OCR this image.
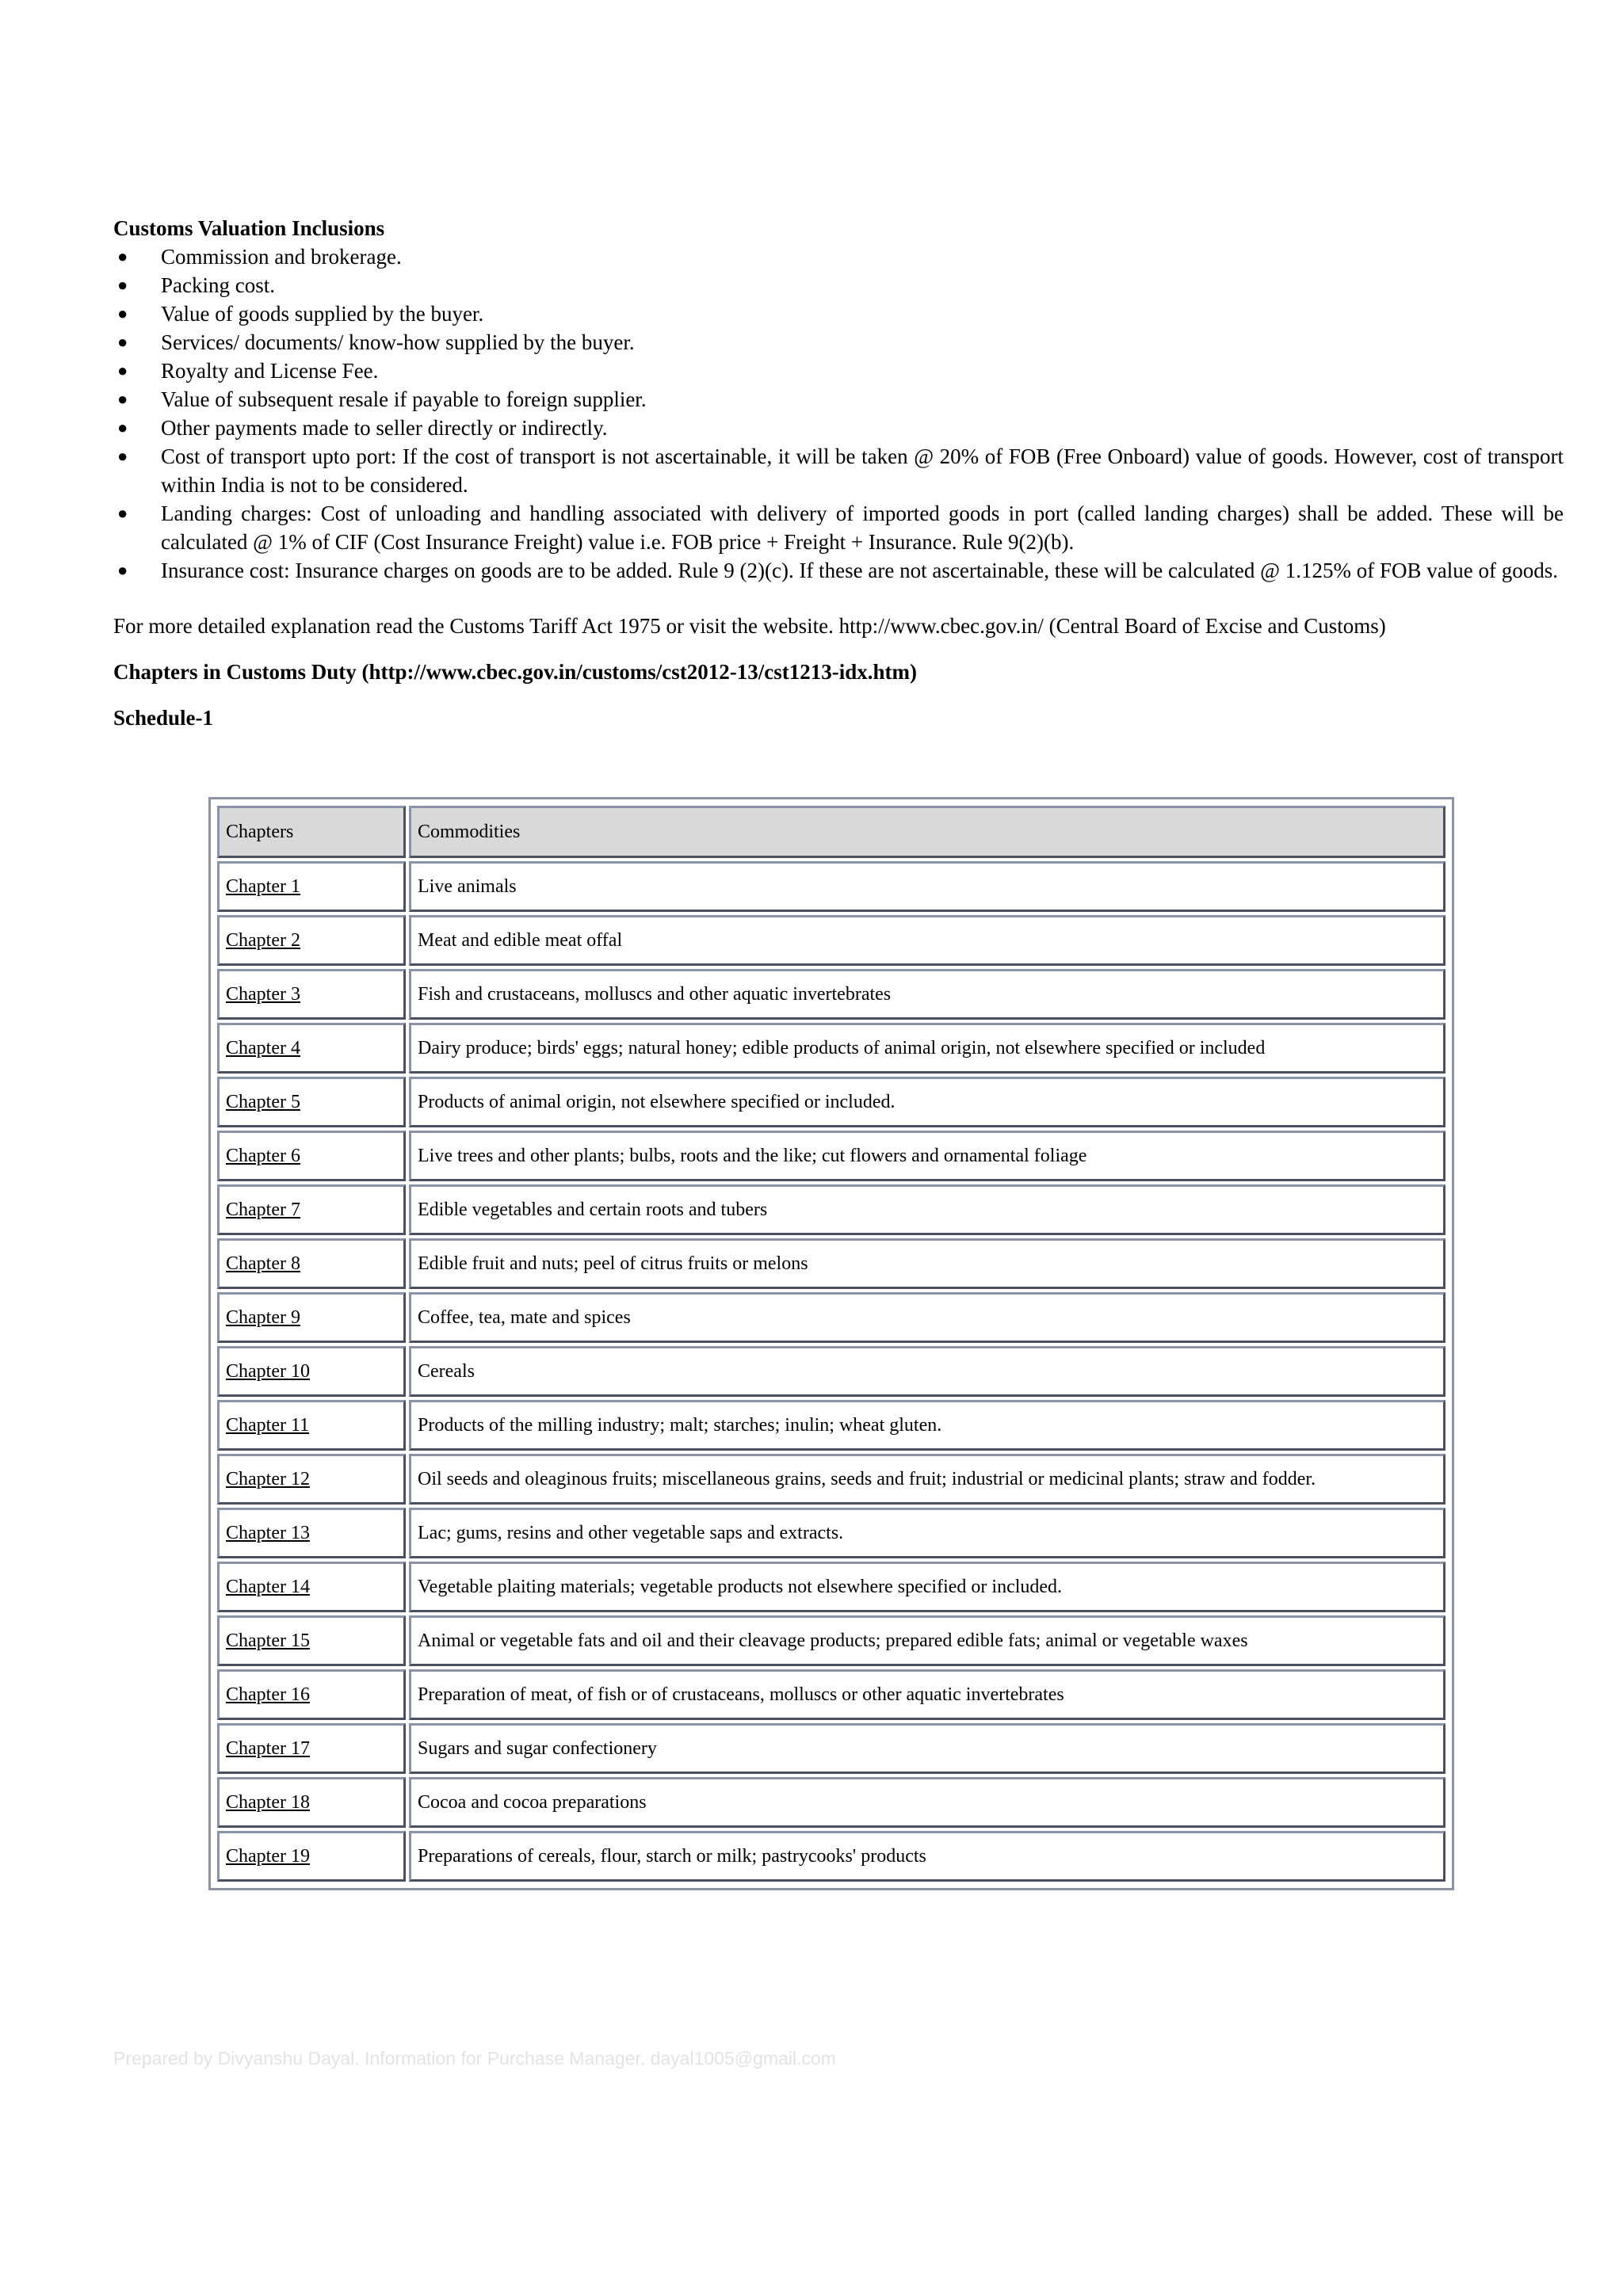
Customs Valuation Inclusions

● Commission and brokerage.
● Packing cost.
● Value of goods supplied by the buyer.
● Services/ documents/ know-how supplied by the buyer.
● Royalty and License Fee.
● Value of subsequent resale if payable to foreign supplier.
● Other payments made to seller directly or indirectly.
● Cost of transport upto port: If the cost of transport is not ascertainable, it will be taken @ 20% of FOB (Free Onboard) value of goods. However, cost of transport within India is not to be considered.
● Landing charges: Cost of unloading and handling associated with delivery of imported goods in port (called landing charges) shall be added. These will be calculated @ 1% of CIF (Cost Insurance Freight) value i.e. FOB price + Freight + Insurance. Rule 9(2)(b).
● Insurance cost: Insurance charges on goods are to be added. Rule 9 (2)(c). If these are not ascertainable, these will be calculated @ 1.125% of FOB value of goods.

For more detailed explanation read the Customs Tariff Act 1975 or visit the website. http://www.cbec.gov.in/ (Central Board of Excise and Customs)

Chapters in Customs Duty (http://www.cbec.gov.in/customs/cst2012-13/cst1213-idx.htm)

Schedule-1

Chapters	Commodities
Chapter 1	Live animals
Chapter 2	Meat and edible meat offal
Chapter 3	Fish and crustaceans, molluscs and other aquatic invertebrates
Chapter 4	Dairy produce; birds' eggs; natural honey; edible products of animal origin, not elsewhere specified or included
Chapter 5	Products of animal origin, not elsewhere specified or included.
Chapter 6	Live trees and other plants; bulbs, roots and the like; cut flowers and ornamental foliage
Chapter 7	Edible vegetables and certain roots and tubers
Chapter 8	Edible fruit and nuts; peel of citrus fruits or melons
Chapter 9	Coffee, tea, mate and spices
Chapter 10	Cereals
Chapter 11	Products of the milling industry; malt; starches; inulin; wheat gluten.
Chapter 12	Oil seeds and oleaginous fruits; miscellaneous grains, seeds and fruit; industrial or medicinal plants; straw and fodder.
Chapter 13	Lac; gums, resins and other vegetable saps and extracts.
Chapter 14	Vegetable plaiting materials; vegetable products not elsewhere specified or included.
Chapter 15	Animal or vegetable fats and oil and their cleavage products; prepared edible fats; animal or vegetable waxes
Chapter 16	Preparation of meat, of fish or of crustaceans, molluscs or other aquatic invertebrates
Chapter 17	Sugars and sugar confectionery
Chapter 18	Cocoa and cocoa preparations
Chapter 19	Preparations of cereals, flour, starch or milk; pastrycooks' products
Prepared by Divyanshu Dayal. Information for Purchase Manager. dayal1005@gmail.com
